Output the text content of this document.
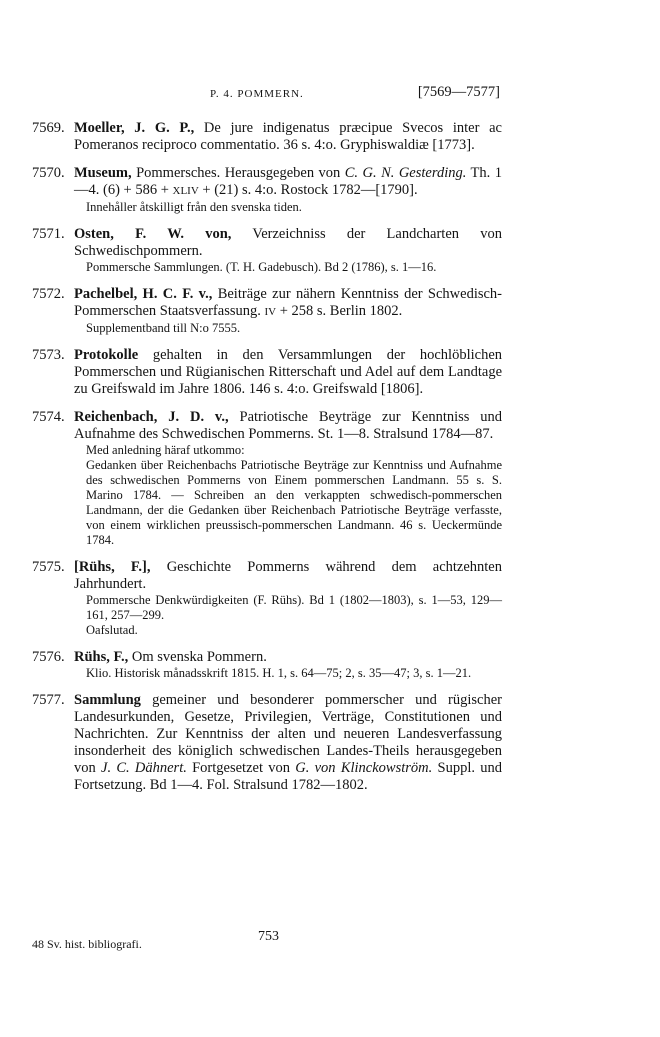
P. 4. POMMERN.	[7569—7577]
7569. Moeller, J. G. P., De jure indigenatus præcipue Svecos inter ac Pomeranos reciproco commentatio. 36 s. 4:o. Gryphiswaldiæ [1773].
7570. Museum, Pommersches. Herausgegeben von C. G. N. Gesterding. Th. 1—4. (6) + 586 + XLIV + (21) s. 4:o. Rostock 1782—[1790].
Innehåller åtskilligt från den svenska tiden.
7571. Osten, F. W. von, Verzeichniss der Landcharten von Schwedischpommern.
Pommersche Sammlungen. (T. H. Gadebusch). Bd 2 (1786), s. 1—16.
7572. Pachelbel, H. C. F. v., Beiträge zur nähern Kenntniss der Schwedisch-Pommerschen Staatsverfassung. IV + 258 s. Berlin 1802.
Supplementband till N:o 7555.
7573. Protokolle gehalten in den Versammlungen der hochlöblichen Pommerschen und Rügianischen Ritterschaft und Adel auf dem Landtage zu Greifswald im Jahre 1806. 146 s. 4:o. Greifswald [1806].
7574. Reichenbach, J. D. v., Patriotische Beyträge zur Kenntniss und Aufnahme des Schwedischen Pommerns. St. 1—8. Stralsund 1784—87.
Med anledning häraf utkommo:
Gedanken über Reichenbachs Patriotische Beyträge zur Kenntniss und Aufnahme des schwedischen Pommerns von Einem pommerschen Landmann. 55 s. S. Marino 1784. — Schreiben an den verkappten schwedisch-pommerschen Landmann, der die Gedanken über Reichenbach Patriotische Beyträge verfasste, von einem wirklichen preussisch-pommerschen Landmann. 46 s. Ueckermünde 1784.
7575. [Rühs, F.], Geschichte Pommerns während dem achtzehnten Jahrhundert.
Pommersche Denkwürdigkeiten (F. Rühs). Bd 1 (1802—1803), s. 1—53, 129—161, 257—299.
Oafslutad.
7576. Rühs, F., Om svenska Pommern.
Klio. Historisk månadsskrift 1815. H. 1, s. 64—75; 2, s. 35—47; 3, s. 1—21.
7577. Sammlung gemeiner und besonderer pommerscher und rügischer Landesurkunden, Gesetze, Privilegien, Verträge, Constitutionen und Nachrichten. Zur Kenntniss der alten und neueren Landesverfassung insonderheit des königlich schwedischen Landes-Theils herausgegeben von J. C. Dähnert. Fortgesetzet von G. von Klinckowström. Suppl. und Fortsetzung. Bd 1—4. Fol. Stralsund 1782—1802.
48 Sv. hist. bibliografi.	753
